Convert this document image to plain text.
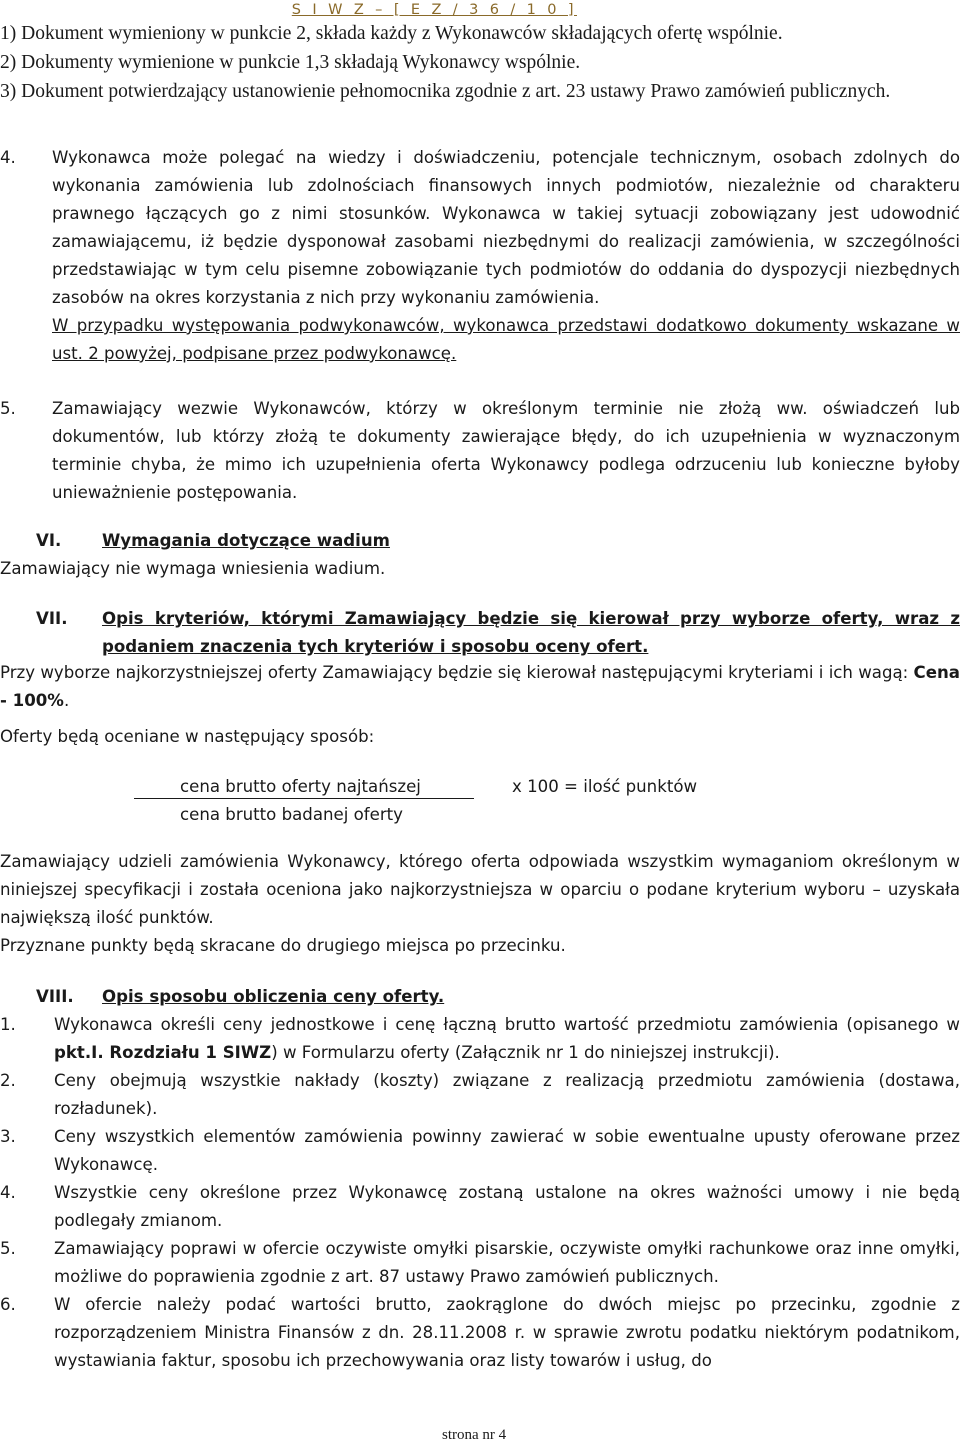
S I W Z – [ E Z / 3 6 / 1 0 ]

1) Dokument wymieniony w punkcie 2, składa każdy z Wykonawców składających ofertę wspólnie.

2) Dokumenty wymienione w punkcie 1,3 składają Wykonawcy wspólnie.

3) Dokument potwierdzający ustanowienie pełnomocnika zgodnie z art. 23 ustawy Prawo zamówień publicznych.

4. Wykonawca może polegać na wiedzy i doświadczeniu, potencjale technicznym, osobach zdolnych do wykonania zamówienia lub zdolnościach finansowych innych podmiotów, niezależnie od charakteru prawnego łączących go z nimi stosunków. Wykonawca w takiej sytuacji zobowiązany jest udowodnić zamawiającemu, iż będzie dysponował zasobami niezbędnymi do realizacji zamówienia, w szczególności przedstawiając w tym celu pisemne zobowiązanie tych podmiotów do oddania do dyspozycji niezbędnych zasobów na okres korzystania z nich przy wykonaniu zamówienia.

W przypadku występowania podwykonawców, wykonawca przedstawi dodatkowo dokumenty wskazane w ust. 2 powyżej, podpisane przez podwykonawcę.

5. Zamawiający wezwie Wykonawców, którzy w określonym terminie nie złożą ww. oświadczeń lub dokumentów, lub którzy złożą te dokumenty zawierające błędy, do ich uzupełnienia w wyznaczonym terminie chyba, że mimo ich uzupełnienia oferta Wykonawcy podlega odrzuceniu lub konieczne byłoby unieważnienie postępowania.

VI. Wymagania dotyczące wadium

Zamawiający nie wymaga wniesienia wadium.

VII. Opis kryteriów, którymi Zamawiający będzie się kierował przy wyborze oferty, wraz z
podaniem znaczenia tych kryteriów i sposobu oceny ofert.

Przy wyborze najkorzystniejszej oferty Zamawiający będzie się kierował następującymi kryteriami i ich wagą: Cena - 100%.

Oferty będą oceniane w następujący sposób:

cena brutto oferty najtańszej
cena brutto badanej oferty
x 100 = ilość punktów

Zamawiający udzieli zamówienia Wykonawcy, którego oferta odpowiada wszystkim wymaganiom określonym w niniejszej specyfikacji i została oceniona jako najkorzystniejsza w oparciu o podane kryterium wyboru – uzyskała największą ilość punktów.

Przyznane punkty będą skracane do drugiego miejsca po przecinku.

VIII. Opis sposobu obliczenia ceny oferty.
1. Wykonawca określi ceny jednostkowe i cenę łączną brutto wartość przedmiotu zamówienia (opisanego w pkt.I. Rozdziału 1 SIWZ) w Formularzu oferty (Załącznik nr 1 do niniejszej instrukcji).
2. Ceny obejmują wszystkie nakłady (koszty) związane z realizacją przedmiotu zamówienia (dostawa, rozładunek).
3. Ceny wszystkich elementów zamówienia powinny zawierać w sobie ewentualne upusty oferowane przez Wykonawcę.
4. Wszystkie ceny określone przez Wykonawcę zostaną ustalone na okres ważności umowy i nie będą podlegały zmianom.
5. Zamawiający poprawi w ofercie oczywiste omyłki pisarskie, oczywiste omyłki rachunkowe oraz inne omyłki, możliwe do poprawienia zgodnie z art. 87 ustawy Prawo zamówień publicznych.
6. W ofercie należy podać wartości brutto, zaokrąglone do dwóch miejsc po przecinku, zgodnie z rozporządzeniem Ministra Finansów z dn. 28.11.2008 r. w sprawie zwrotu podatku niektórym podatnikom, wystawiania faktur, sposobu ich przechowywania oraz listy towarów i usług, do
strona nr 4
